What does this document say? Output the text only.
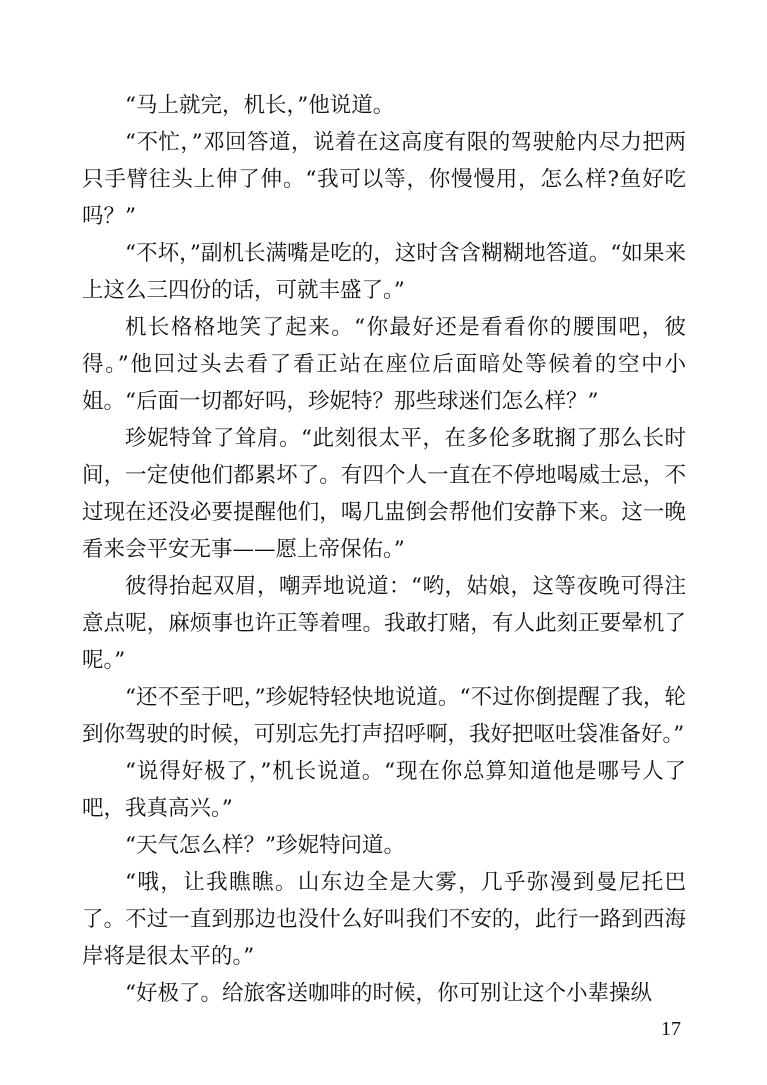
“马上就完，机长，”他说道。

“不忙，”邓回答道，说着在这高度有限的驾驶舱内尽力把两只手臂往头上伸了伸。“我可以等，你慢慢用，怎么样?鱼好吃吗？”

“不坏，”副机长满嘴是吃的，这时含含糊糊地答道。“如果来上这么三四份的话，可就丰盛了。”

机长格格地笑了起来。“你最好还是看看你的腰围吧，彼得。”他回过头去看了看正站在座位后面暗处等候着的空中小姐。“后面一切都好吗，珍妮特？那些球迷们怎么样？”

珍妮特耸了耸肩。“此刻很太平，在多伦多耽搁了那么长时间，一定使他们都累坏了。有四个人一直在不停地喝威士忌，不过现在还没必要提醒他们，喝几盅倒会帮他们安静下来。这一晚看来会平安无事——愿上帝保佑。”

彼得抬起双眉，嘲弄地说道：“哟，姑娘，这等夜晚可得注意点呢，麻烦事也许正等着哩。我敢打赌，有人此刻正要晕机了呢。”

“还不至于吧，”珍妮特轻快地说道。“不过你倒提醒了我，轮到你驾驶的时候，可别忘先打声招呼啊，我好把呕吐袋准备好。”

“说得好极了，”机长说道。“现在你总算知道他是哪号人了吧，我真高兴。”

“天气怎么样？”珍妮特问道。

“哦，让我瞧瞧。山东边全是大雾，几乎弥漫到曼尼托巴了。不过一直到那边也没什么好叫我们不安的，此行一路到西海岸将是很太平的。”

“好极了。给旅客送咖啡的时候，你可别让这个小辈操纵

17
